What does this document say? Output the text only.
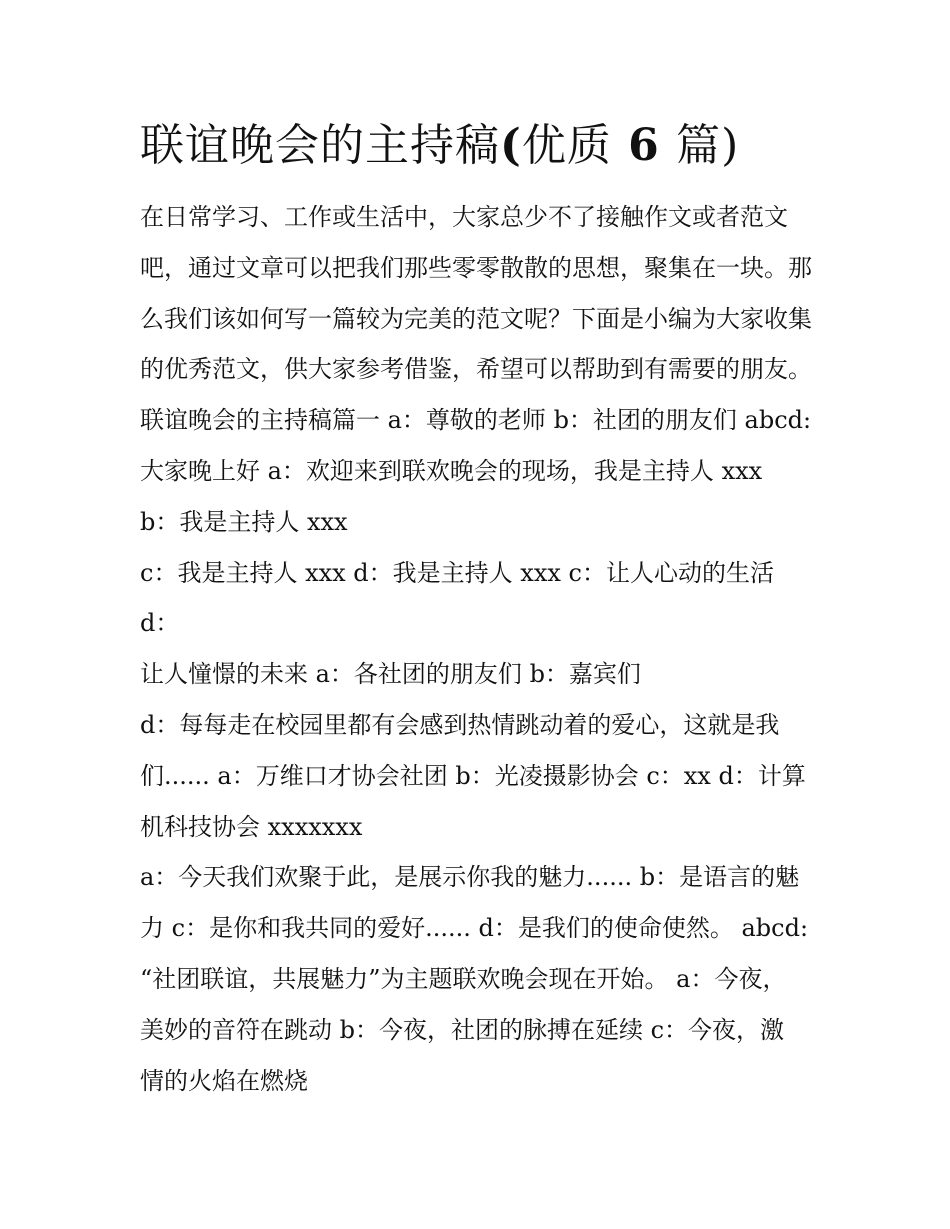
联谊晚会的主持稿(优质 6 篇)

在日常学习、工作或生活中，大家总少不了接触作文或者范文吧，通过文章可以把我们那些零零散散的思想，聚集在一块。那么我们该如何写一篇较为完美的范文呢？下面是小编为大家收集的优秀范文，供大家参考借鉴，希望可以帮助到有需要的朋友。

联谊晚会的主持稿篇一 a：尊敬的老师 b：社团的朋友们 abcd:
大家晚上好 a：欢迎来到联欢晚会的现场，我是主持人 xxx

b：我是主持人 xxx

c：我是主持人 xxx d：我是主持人 xxx c：让人心动的生活 d：
让人憧憬的未来 a：各社团的朋友们 b：嘉宾们

d：每每走在校园里都有会感到热情跳动着的爱心，这就是我
们...... a：万维口才协会社团 b：光凌摄影协会 c：xx d：计算
机科技协会 xxxxxxx

a：今天我们欢聚于此，是展示你我的魅力...... b：是语言的魅
力 c：是你和我共同的爱好...... d：是我们的使命使然。 abcd:
“社团联谊，共展魅力”为主题联欢晚会现在开始。 a：今夜，
美妙的音符在跳动 b：今夜，社团的脉搏在延续 c：今夜，激
情的火焰在燃烧
